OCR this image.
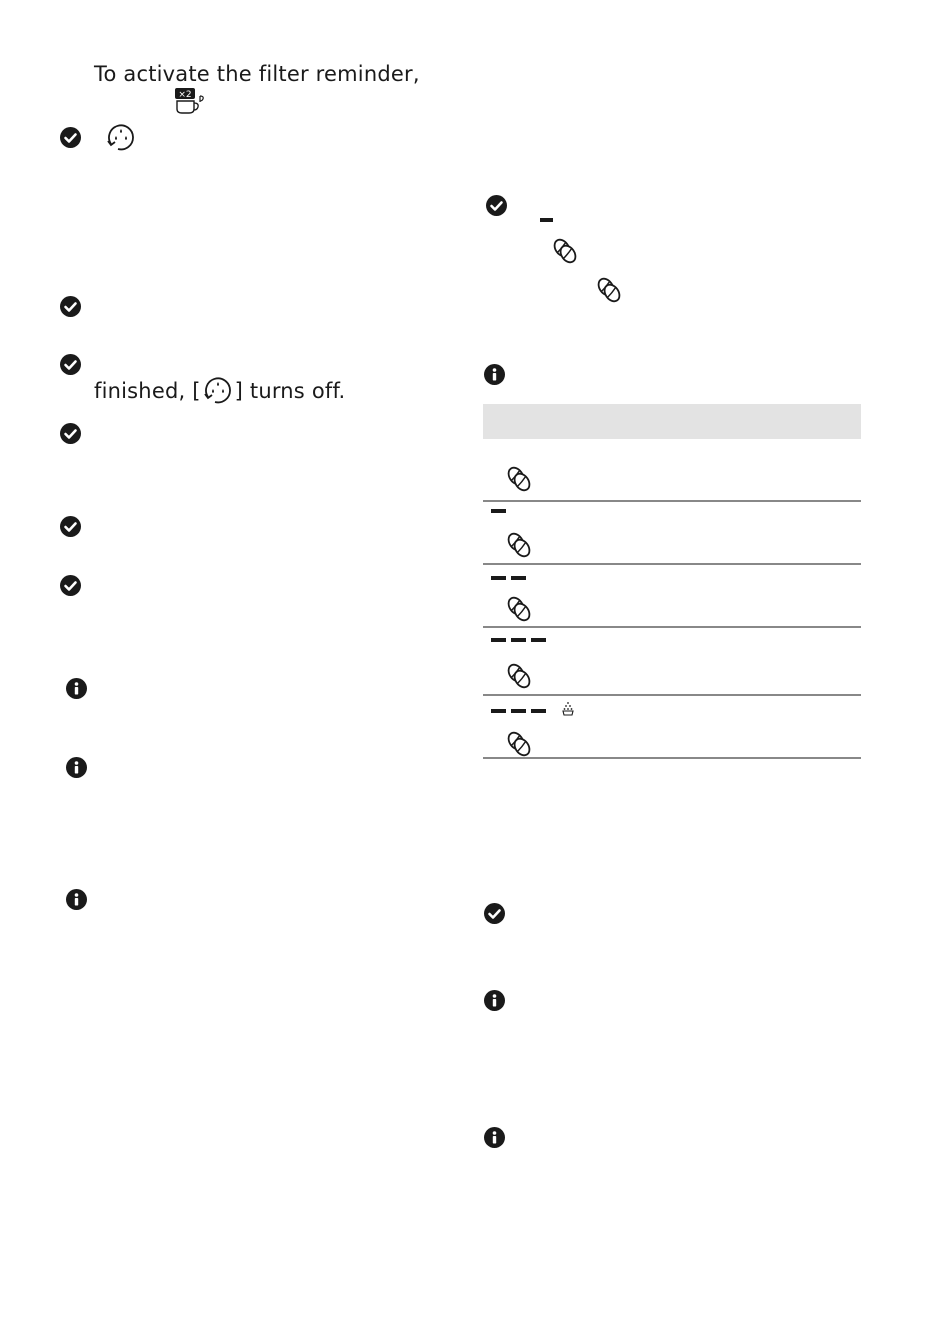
To activate the filter reminder,
×2
finished, [ ] turns off.
